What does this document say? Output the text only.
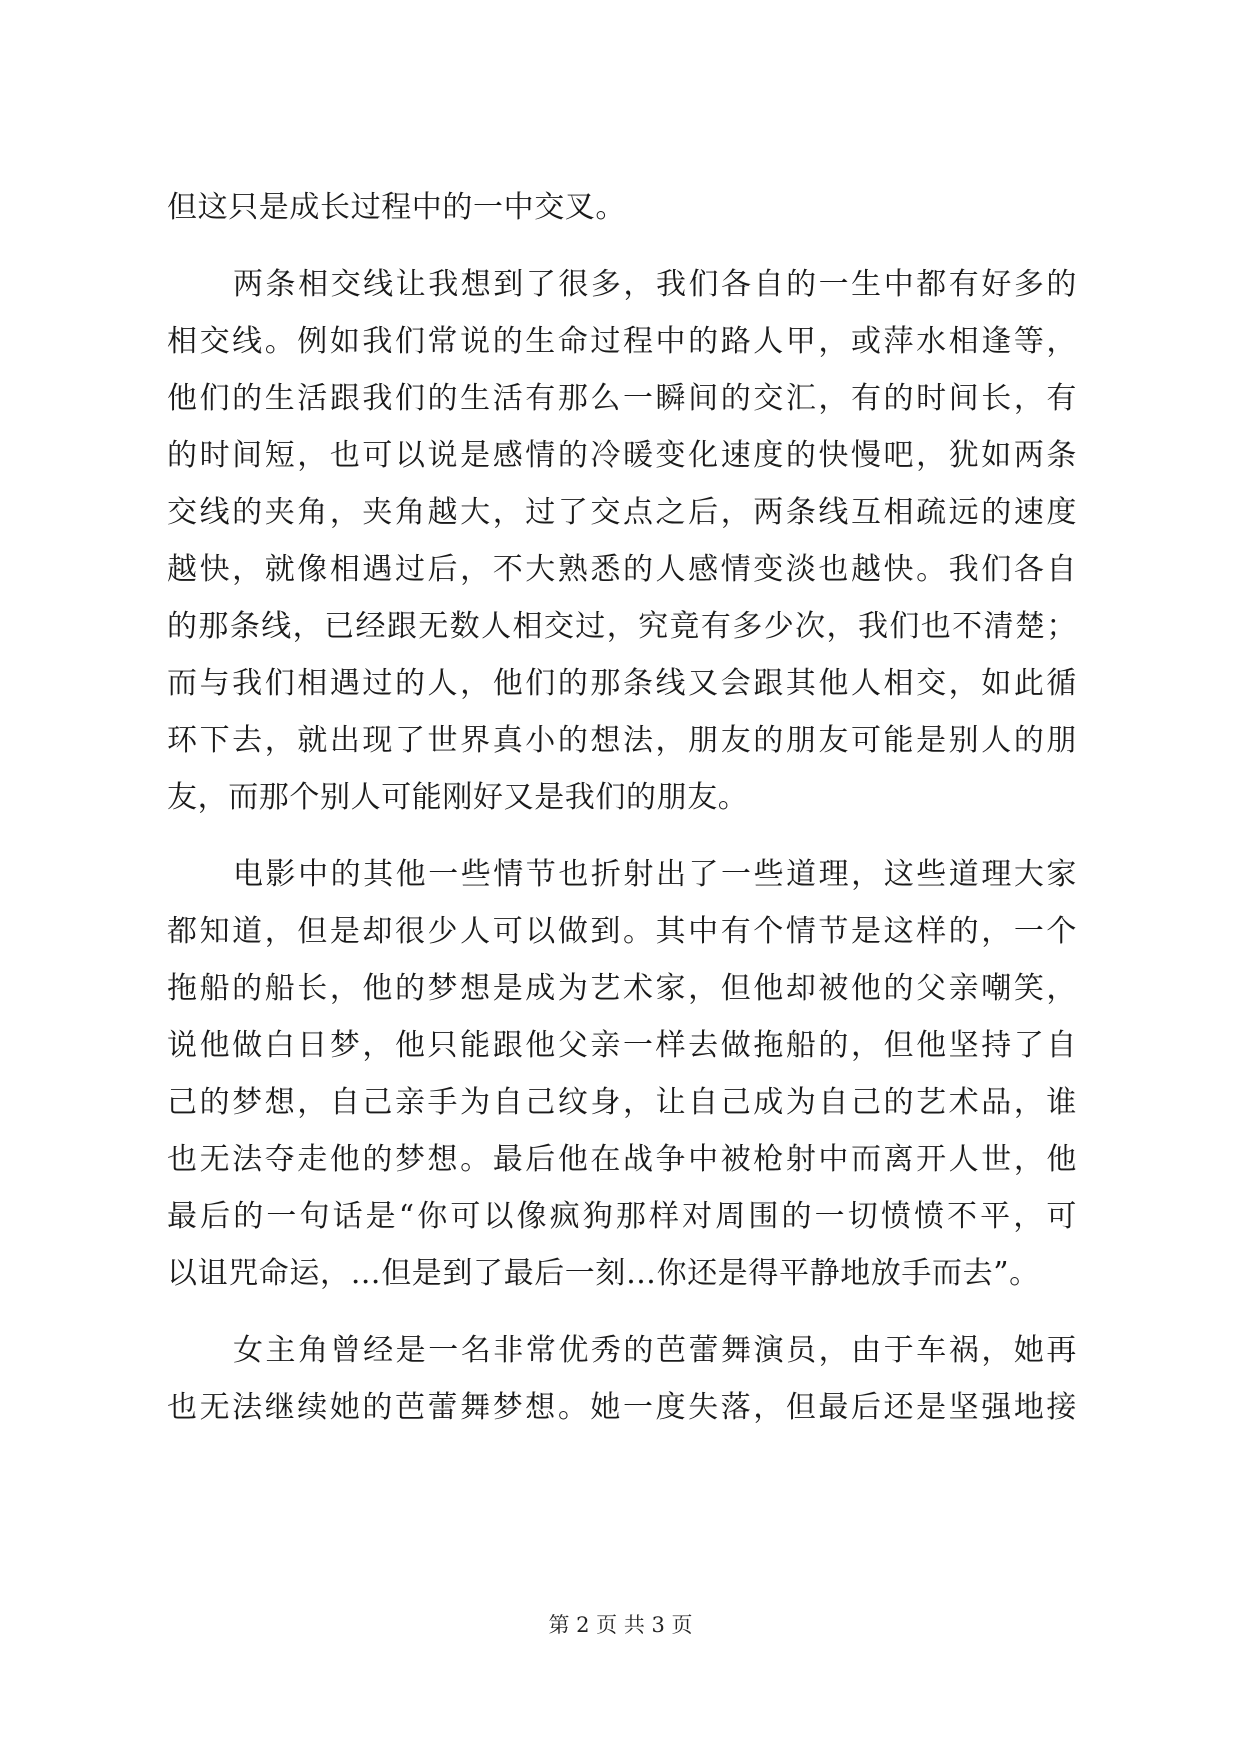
但这只是成长过程中的一中交叉。
两条相交线让我想到了很多，我们各自的一生中都有好多的
相交线。例如我们常说的生命过程中的路人甲，或萍水相逢等，
他们的生活跟我们的生活有那么一瞬间的交汇，有的时间长，有
的时间短，也可以说是感情的冷暖变化速度的快慢吧，犹如两条
交线的夹角，夹角越大，过了交点之后，两条线互相疏远的速度
越快，就像相遇过后，不大熟悉的人感情变淡也越快。我们各自
的那条线，已经跟无数人相交过，究竟有多少次，我们也不清楚；
而与我们相遇过的人，他们的那条线又会跟其他人相交，如此循
环下去，就出现了世界真小的想法，朋友的朋友可能是别人的朋
友，而那个别人可能刚好又是我们的朋友。
电影中的其他一些情节也折射出了一些道理，这些道理大家
都知道，但是却很少人可以做到。其中有个情节是这样的，一个
拖船的船长，他的梦想是成为艺术家，但他却被他的父亲嘲笑，
说他做白日梦，他只能跟他父亲一样去做拖船的，但他坚持了自
己的梦想，自己亲手为自己纹身，让自己成为自己的艺术品，谁
也无法夺走他的梦想。最后他在战争中被枪射中而离开人世，他
最后的一句话是“你可以像疯狗那样对周围的一切愤愤不平，可
以诅咒命运，…但是到了最后一刻…你还是得平静地放手而去”。
女主角曾经是一名非常优秀的芭蕾舞演员，由于车祸，她再
也无法继续她的芭蕾舞梦想。她一度失落，但最后还是坚强地接
第 2 页 共 3 页
